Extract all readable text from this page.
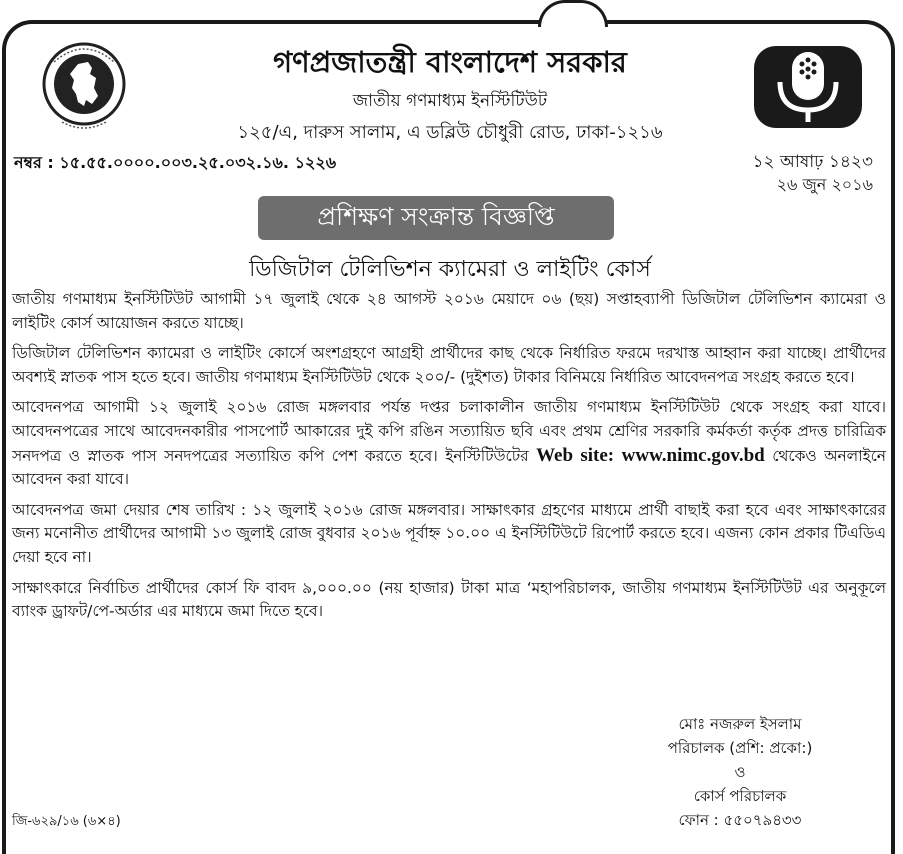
গণপ্রজাতন্ত্রী বাংলাদেশ সরকার
জাতীয় গণমাধ্যম ইনস্টিটিউট
১২৫/এ, দারুস সালাম, এ ডব্লিউ চৌধুরী রোড, ঢাকা-১২১৬
নম্বর : ১৫.৫৫.০০০০.০০৩.২৫.০৩২.১৬. ১২২৬	১২ আষাঢ় ১৪২৩
২৬ জুন ২০১৬
প্রশিক্ষণ সংক্রান্ত বিজ্ঞপ্তি
ডিজিটাল টেলিভিশন ক্যামেরা ও লাইটিং কোর্স

জাতীয় গণমাধ্যম ইনস্টিটিউট আগামী ১৭ জুলাই থেকে ২৪ আগস্ট ২০১৬ মেয়াদে ০৬ (ছয়) সপ্তাহব্যাপী ডিজিটাল টেলিভিশন ক্যামেরা ও লাইটিং কোর্স আয়োজন করতে যাচ্ছে।

ডিজিটাল টেলিভিশন ক্যামেরা ও লাইটিং কোর্সে অংশগ্রহণে আগ্রহী প্রার্থীদের কাছ থেকে নির্ধারিত ফরমে দরখাস্ত আহ্বান করা যাচ্ছে। প্রার্থীদের অবশ্যই স্নাতক পাস হতে হবে। জাতীয় গণমাধ্যম ইনস্টিটিউট থেকে ২০০/- (দুইশত) টাকার বিনিময়ে নির্ধারিত আবেদনপত্র সংগ্রহ করতে হবে।

আবেদনপত্র আগামী ১২ জুলাই ২০১৬ রোজ মঙ্গলবার পর্যন্ত দপ্তর চলাকালীন জাতীয় গণমাধ্যম ইনস্টিটিউট থেকে সংগ্রহ করা যাবে। আবেদনপত্রের সাথে আবেদনকারীর পাসপোর্ট আকারের দুই কপি রঙিন সত্যায়িত ছবি এবং প্রথম শ্রেণির সরকারি কর্মকর্তা কর্তৃক প্রদত্ত চারিত্রিক সনদপত্র ও স্নাতক পাস সনদপত্রের সত্যায়িত কপি পেশ করতে হবে। ইনস্টিটিউটের Web site: www.nimc.gov.bd থেকেও অনলাইনে আবেদন করা যাবে।

আবেদনপত্র জমা দেয়ার শেষ তারিখ : ১২ জুলাই ২০১৬ রোজ মঙ্গলবার। সাক্ষাৎকার গ্রহণের মাধ্যমে প্রার্থী বাছাই করা হবে এবং সাক্ষাৎকারের জন্য মনোনীত প্রার্থীদের আগামী ১৩ জুলাই রোজ বুধবার ২০১৬ পূর্বাহ্ন ১০.০০ এ ইনস্টিটিউটে রিপোর্ট করতে হবে। এজন্য কোন প্রকার টিএডিএ দেয়া হবে না।

সাক্ষাৎকারে নির্বাচিত প্রার্থীদের কোর্স ফি বাবদ ৯,০০০.০০ (নয় হাজার) টাকা মাত্র ‘মহাপরিচালক, জাতীয় গণমাধ্যম ইনস্টিটিউট এর অনুকূলে ব্যাংক ড্রাফট/পে-অর্ডার এর মাধ্যমে জমা দিতে হবে।

মোঃ নজরুল ইসলাম
পরিচালক (প্রশি: প্রকো:)
ও
কোর্স পরিচালক
ফোন : ৫৫০৭৯৪৩৩
জি-৬২৯/১৬ (৬×৪)
